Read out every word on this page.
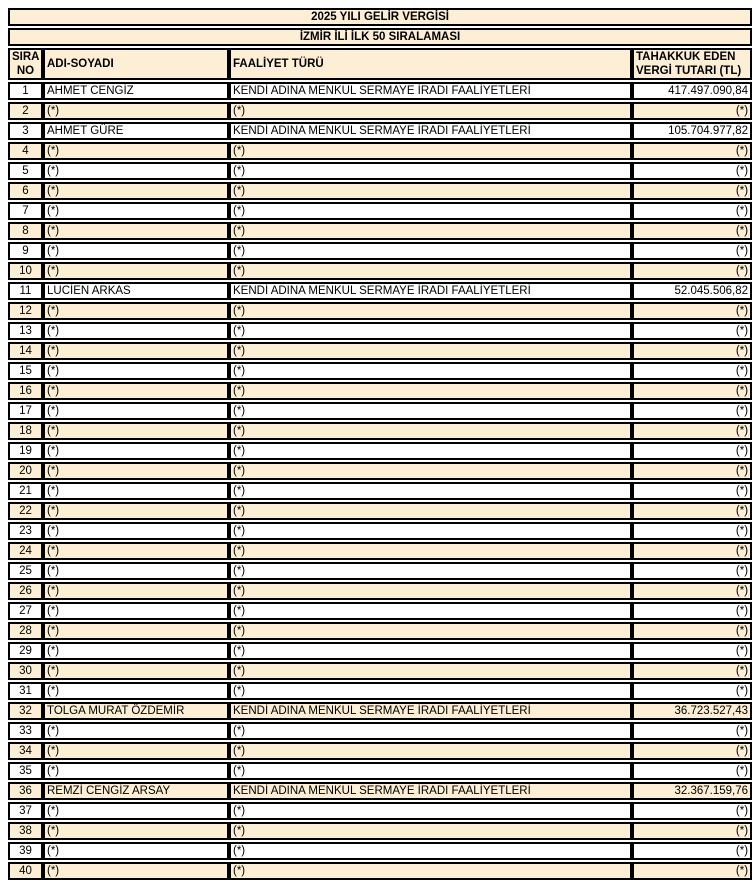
2025 YILI GELİR VERGİSİ			
İZMİR İLİ İLK 50 SIRALAMASI			
SIRA
NO	ADI-SOYADI	FAALİYET TÜRÜ	TAHAKKUK EDEN
VERGİ TUTARI (TL)
1	AHMET CENGİZ	KENDİ ADINA MENKUL SERMAYE İRADI FAALİYETLERİ	417.497.090,84
2	(*)	(*)	(*)
3	AHMET GÜRE	KENDİ ADINA MENKUL SERMAYE İRADI FAALİYETLERİ	105.704.977,82
4	(*)	(*)	(*)
5	(*)	(*)	(*)
6	(*)	(*)	(*)
7	(*)	(*)	(*)
8	(*)	(*)	(*)
9	(*)	(*)	(*)
10	(*)	(*)	(*)
11	LUCİEN ARKAS	KENDİ ADINA MENKUL SERMAYE İRADI FAALİYETLERİ	52.045.506,82
12	(*)	(*)	(*)
13	(*)	(*)	(*)
14	(*)	(*)	(*)
15	(*)	(*)	(*)
16	(*)	(*)	(*)
17	(*)	(*)	(*)
18	(*)	(*)	(*)
19	(*)	(*)	(*)
20	(*)	(*)	(*)
21	(*)	(*)	(*)
22	(*)	(*)	(*)
23	(*)	(*)	(*)
24	(*)	(*)	(*)
25	(*)	(*)	(*)
26	(*)	(*)	(*)
27	(*)	(*)	(*)
28	(*)	(*)	(*)
29	(*)	(*)	(*)
30	(*)	(*)	(*)
31	(*)	(*)	(*)
32	TOLGA MURAT ÖZDEMİR	KENDİ ADINA MENKUL SERMAYE İRADI FAALİYETLERİ	36.723.527,43
33	(*)	(*)	(*)
34	(*)	(*)	(*)
35	(*)	(*)	(*)
36	REMZİ CENGİZ ARSAY	KENDİ ADINA MENKUL SERMAYE İRADI FAALİYETLERİ	32.367.159,76
37	(*)	(*)	(*)
38	(*)	(*)	(*)
39	(*)	(*)	(*)
40	(*)	(*)	(*)
